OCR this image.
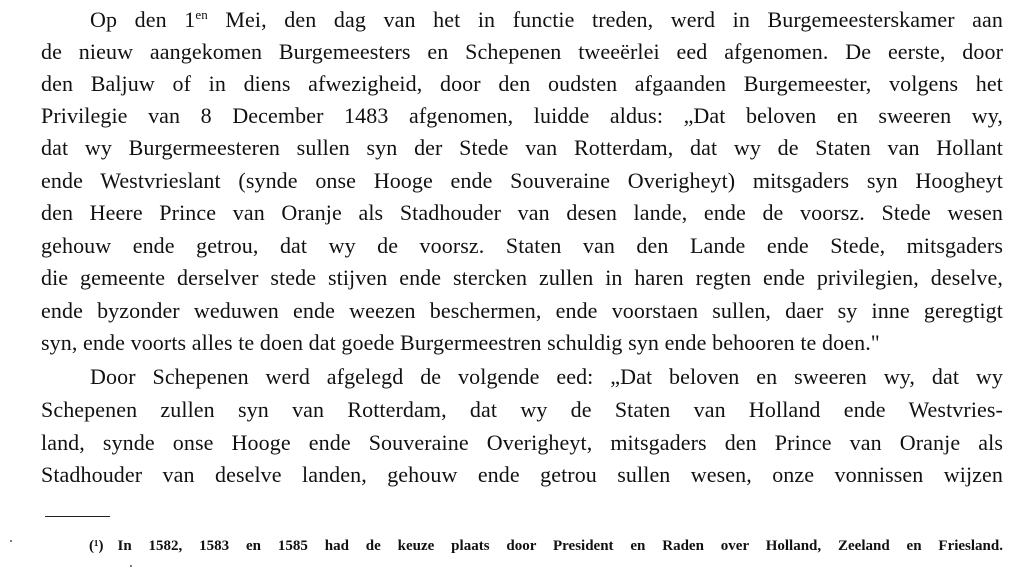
Op den $1^{en}$ Mei, den dag van het in functie treden, werd in Burgemeesterskamer aan
de nieuw aangekomen Burgemeesters en Schepenen tweeërlei eed afgenomen. De eerste, door
den Baljuw of in diens afwezigheid, door den oudsten afgaanden Burgemeester, volgens het
Privilegie van 8 December 1483 afgenomen, luidde aldus: „Dat beloven en sweeren wy,
dat wy Burgermeesteren sullen syn der Stede van Rotterdam, dat wy de Staten van Hollant
ende Westvrieslant (synde onse Hooge ende Souveraine Overigheyt) mitsgaders syn Hoogheyt
den Heere Prince van Oranje als Stadhouder van desen lande, ende de voorsz. Stede wesen
gehouw ende getrou, dat wy de voorsz. Staten van den Lande ende Stede, mitsgaders
die gemeente derselver stede stijven ende stercken zullen in haren regten ende privilegien, deselve,
ende byzonder weduwen ende weezen beschermen, ende voorstaen sullen, daer sy inne geregtigt
syn, ende voorts alles te doen dat goede Burgermeestren schuldig syn ende behooren te doen."
Door Schepenen werd afgelegd de volgende eed: „Dat beloven en sweeren wy, dat wy
Schepenen zullen syn van Rotterdam, dat wy de Staten van Holland ende Westvries-
land, synde onse Hooge ende Souveraine Overigheyt, mitsgaders den Prince van Oranje als
Stadhouder van deselve landen, gehouw ende getrou sullen wesen, onze vonnissen wijzen
(¹) In 1582, 1583 en 1585 had de keuze plaats door President en Raden over Holland, Zeeland en Friesland.
